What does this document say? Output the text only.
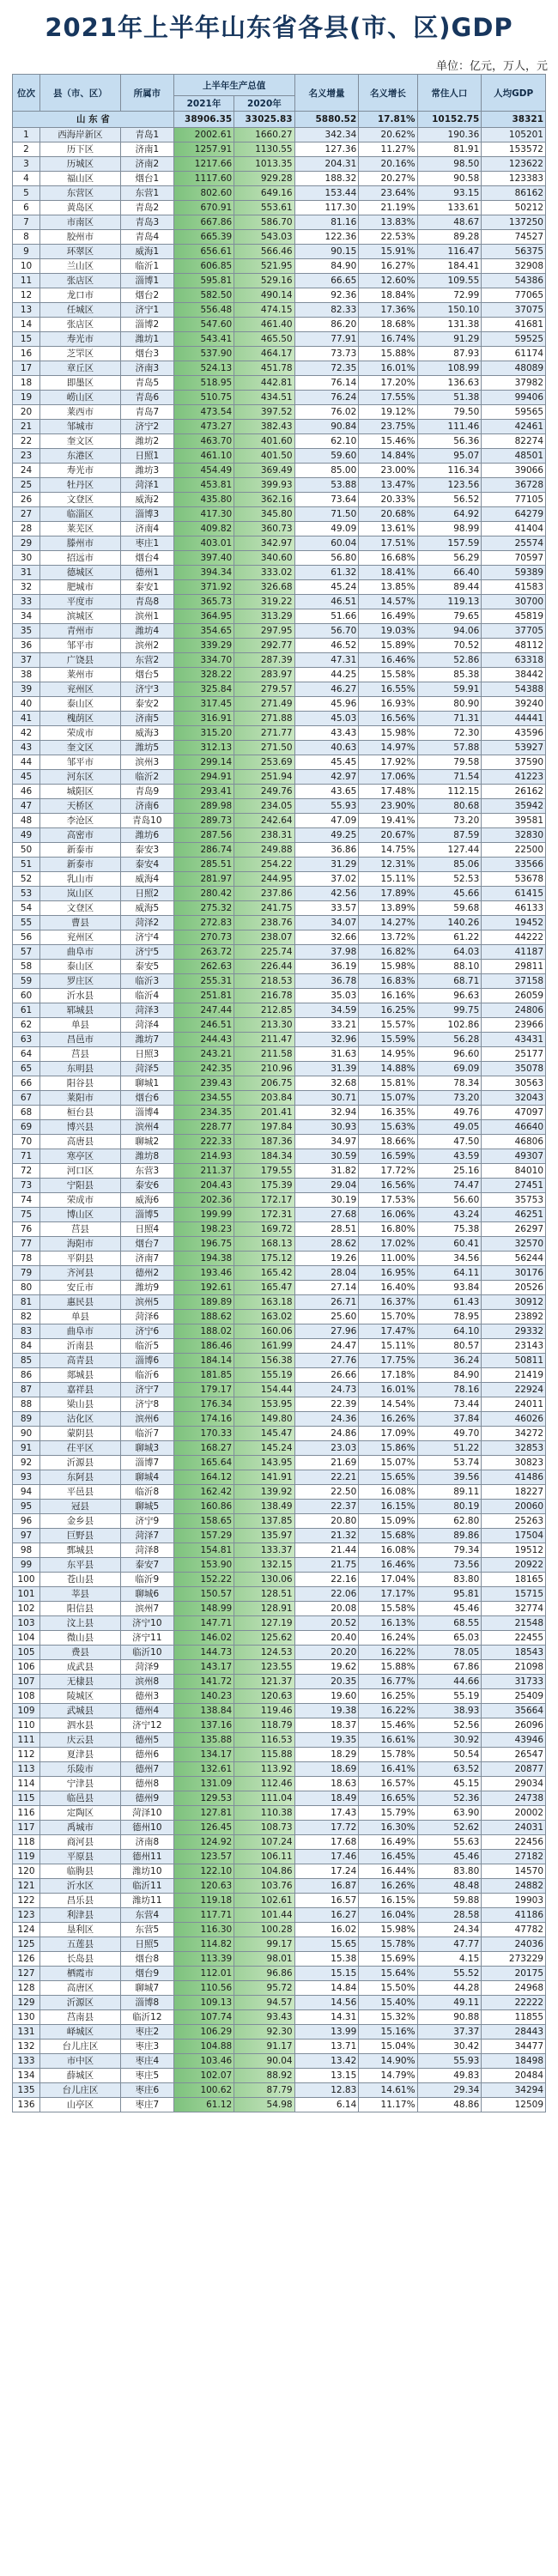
2021年上半年山东省各县(市、区)GDP
单位：亿元，万人，元
位次	县（市、区）	所属市	上半年生产总值		名义增量	名义增长	常住人口	人均GDP
			2021年	2020年				
山 东 省			38906.35	33025.83	5880.52	17.81%	10152.75	38321
1	西海岸新区	青岛1	2002.61	1660.27	342.34	20.62%	190.36	105201
2	历下区	济南1	1257.91	1130.55	127.36	11.27%	81.91	153572
3	历城区	济南2	1217.66	1013.35	204.31	20.16%	98.50	123622
4	福山区	烟台1	1117.60	929.28	188.32	20.27%	90.58	123383
5	东营区	东营1	802.60	649.16	153.44	23.64%	93.15	86162
6	黄岛区	青岛2	670.91	553.61	117.30	21.19%	133.61	50212
7	市南区	青岛3	667.86	586.70	81.16	13.83%	48.67	137250
8	胶州市	青岛4	665.39	543.03	122.36	22.53%	89.28	74527
9	环翠区	威海1	656.61	566.46	90.15	15.91%	116.47	56375
10	兰山区	临沂1	606.85	521.95	84.90	16.27%	184.41	32908
11	张店区	淄博1	595.81	529.16	66.65	12.60%	109.55	54386
12	龙口市	烟台2	582.50	490.14	92.36	18.84%	72.99	77065
13	任城区	济宁1	556.48	474.15	82.33	17.36%	150.10	37075
14	张店区	淄博2	547.60	461.40	86.20	18.68%	131.38	41681
15	寿光市	潍坊1	543.41	465.50	77.91	16.74%	91.29	59525
16	芝罘区	烟台3	537.90	464.17	73.73	15.88%	87.93	61174
17	章丘区	济南3	524.13	451.78	72.35	16.01%	108.99	48089
18	即墨区	青岛5	518.95	442.81	76.14	17.20%	136.63	37982
19	崂山区	青岛6	510.75	434.51	76.24	17.55%	51.38	99406
20	莱西市	青岛7	473.54	397.52	76.02	19.12%	79.50	59565
21	邹城市	济宁2	473.27	382.43	90.84	23.75%	111.46	42461
22	奎文区	潍坊2	463.70	401.60	62.10	15.46%	56.36	82274
23	东港区	日照1	461.10	401.50	59.60	14.84%	95.07	48501
24	寿光市	潍坊3	454.49	369.49	85.00	23.00%	116.34	39066
25	牡丹区	菏泽1	453.81	399.93	53.88	13.47%	123.56	36728
26	文登区	威海2	435.80	362.16	73.64	20.33%	56.52	77105
27	临淄区	淄博3	417.30	345.80	71.50	20.68%	64.92	64279
28	莱芜区	济南4	409.82	360.73	49.09	13.61%	98.99	41404
29	滕州市	枣庄1	403.01	342.97	60.04	17.51%	157.59	25574
30	招远市	烟台4	397.40	340.60	56.80	16.68%	56.29	70597
31	德城区	德州1	394.34	333.02	61.32	18.41%	66.40	59389
32	肥城市	泰安1	371.92	326.68	45.24	13.85%	89.44	41583
33	平度市	青岛8	365.73	319.22	46.51	14.57%	119.13	30700
34	滨城区	滨州1	364.95	313.29	51.66	16.49%	79.65	45819
35	青州市	潍坊4	354.65	297.95	56.70	19.03%	94.06	37705
36	邹平市	滨州2	339.29	292.77	46.52	15.89%	70.52	48112
37	广饶县	东营2	334.70	287.39	47.31	16.46%	52.86	63318
38	莱州市	烟台5	328.22	283.97	44.25	15.58%	85.38	38442
39	兖州区	济宁3	325.84	279.57	46.27	16.55%	59.91	54388
40	泰山区	泰安2	317.45	271.49	45.96	16.93%	80.90	39240
41	槐荫区	济南5	316.91	271.88	45.03	16.56%	71.31	44441
42	荣成市	威海3	315.20	271.77	43.43	15.98%	72.30	43596
43	奎文区	潍坊5	312.13	271.50	40.63	14.97%	57.88	53927
44	邹平市	滨州3	299.14	253.69	45.45	17.92%	79.58	37590
45	河东区	临沂2	294.91	251.94	42.97	17.06%	71.54	41223
46	城阳区	青岛9	293.41	249.76	43.65	17.48%	112.15	26162
47	天桥区	济南6	289.98	234.05	55.93	23.90%	80.68	35942
48	李沧区	青岛10	289.73	242.64	47.09	19.41%	73.20	39581
49	高密市	潍坊6	287.56	238.31	49.25	20.67%	87.59	32830
50	新泰市	泰安3	286.74	249.88	36.86	14.75%	127.44	22500
51	新泰市	泰安4	285.51	254.22	31.29	12.31%	85.06	33566
52	乳山市	威海4	281.97	244.95	37.02	15.11%	52.53	53678
53	岚山区	日照2	280.42	237.86	42.56	17.89%	45.66	61415
54	文登区	威海5	275.32	241.75	33.57	13.89%	59.68	46133
55	曹县	菏泽2	272.83	238.76	34.07	14.27%	140.26	19452
56	兖州区	济宁4	270.73	238.07	32.66	13.72%	61.22	44222
57	曲阜市	济宁5	263.72	225.74	37.98	16.82%	64.03	41187
58	泰山区	泰安5	262.63	226.44	36.19	15.98%	88.10	29811
59	罗庄区	临沂3	255.31	218.53	36.78	16.83%	68.71	37158
60	沂水县	临沂4	251.81	216.78	35.03	16.16%	96.63	26059
61	郓城县	菏泽3	247.44	212.85	34.59	16.25%	99.75	24806
62	单县	菏泽4	246.51	213.30	33.21	15.57%	102.86	23966
63	昌邑市	潍坊7	244.43	211.47	32.96	15.59%	56.28	43431
64	莒县	日照3	243.21	211.58	31.63	14.95%	96.60	25177
65	东明县	菏泽5	242.35	210.96	31.39	14.88%	69.09	35078
66	阳谷县	聊城1	239.43	206.75	32.68	15.81%	78.34	30563
67	莱阳市	烟台6	234.55	203.84	30.71	15.07%	73.20	32043
68	桓台县	淄博4	234.35	201.41	32.94	16.35%	49.76	47097
69	博兴县	滨州4	228.77	197.84	30.93	15.63%	49.05	46640
70	高唐县	聊城2	222.33	187.36	34.97	18.66%	47.50	46806
71	寒亭区	潍坊8	214.93	184.34	30.59	16.59%	43.59	49307
72	河口区	东营3	211.37	179.55	31.82	17.72%	25.16	84010
73	宁阳县	泰安6	204.43	175.39	29.04	16.56%	74.47	27451
74	荣成市	威海6	202.36	172.17	30.19	17.53%	56.60	35753
75	博山区	淄博5	199.99	172.31	27.68	16.06%	43.24	46251
76	莒县	日照4	198.23	169.72	28.51	16.80%	75.38	26297
77	海阳市	烟台7	196.75	168.13	28.62	17.02%	60.41	32570
78	平阴县	济南7	194.38	175.12	19.26	11.00%	34.56	56244
79	齐河县	德州2	193.46	165.42	28.04	16.95%	64.11	30176
80	安丘市	潍坊9	192.61	165.47	27.14	16.40%	93.84	20526
81	惠民县	滨州5	189.89	163.18	26.71	16.37%	61.43	30912
82	单县	菏泽6	188.62	163.02	25.60	15.70%	78.95	23892
83	曲阜市	济宁6	188.02	160.06	27.96	17.47%	64.10	29332
84	沂南县	临沂5	186.46	161.99	24.47	15.11%	80.57	23143
85	高青县	淄博6	184.14	156.38	27.76	17.75%	36.24	50811
86	郯城县	临沂6	181.85	155.19	26.66	17.18%	84.90	21419
87	嘉祥县	济宁7	179.17	154.44	24.73	16.01%	78.16	22924
88	梁山县	济宁8	176.34	153.95	22.39	14.54%	73.44	24011
89	沾化区	滨州6	174.16	149.80	24.36	16.26%	37.84	46026
90	蒙阴县	临沂7	170.33	145.47	24.86	17.09%	49.70	34272
91	茌平区	聊城3	168.27	145.24	23.03	15.86%	51.22	32853
92	沂源县	淄博7	165.64	143.95	21.69	15.07%	53.74	30823
93	东阿县	聊城4	164.12	141.91	22.21	15.65%	39.56	41486
94	平邑县	临沂8	162.42	139.92	22.50	16.08%	89.11	18227
95	冠县	聊城5	160.86	138.49	22.37	16.15%	80.19	20060
96	金乡县	济宁9	158.65	137.85	20.80	15.09%	62.80	25263
97	巨野县	菏泽7	157.29	135.97	21.32	15.68%	89.86	17504
98	鄄城县	菏泽8	154.81	133.37	21.44	16.08%	79.34	19512
99	东平县	泰安7	153.90	132.15	21.75	16.46%	73.56	20922
100	苍山县	临沂9	152.22	130.06	22.16	17.04%	83.80	18165
101	莘县	聊城6	150.57	128.51	22.06	17.17%	95.81	15715
102	阳信县	滨州7	148.99	128.91	20.08	15.58%	45.46	32774
103	汶上县	济宁10	147.71	127.19	20.52	16.13%	68.55	21548
104	微山县	济宁11	146.02	125.62	20.40	16.24%	65.03	22455
105	费县	临沂10	144.73	124.53	20.20	16.22%	78.05	18543
106	成武县	菏泽9	143.17	123.55	19.62	15.88%	67.86	21098
107	无棣县	滨州8	141.72	121.37	20.35	16.77%	44.66	31733
108	陵城区	德州3	140.23	120.63	19.60	16.25%	55.19	25409
109	武城县	德州4	138.84	119.46	19.38	16.22%	38.93	35664
110	泗水县	济宁12	137.16	118.79	18.37	15.46%	52.56	26096
111	庆云县	德州5	135.88	116.53	19.35	16.61%	30.92	43946
112	夏津县	德州6	134.17	115.88	18.29	15.78%	50.54	26547
113	乐陵市	德州7	132.61	113.92	18.69	16.41%	63.52	20877
114	宁津县	德州8	131.09	112.46	18.63	16.57%	45.15	29034
115	临邑县	德州9	129.53	111.04	18.49	16.65%	52.36	24738
116	定陶区	菏泽10	127.81	110.38	17.43	15.79%	63.90	20002
117	禹城市	德州10	126.45	108.73	17.72	16.30%	52.62	24031
118	商河县	济南8	124.92	107.24	17.68	16.49%	55.63	22456
119	平原县	德州11	123.57	106.11	17.46	16.45%	45.46	27182
120	临朐县	潍坊10	122.10	104.86	17.24	16.44%	83.80	14570
121	沂水区	临沂11	120.63	103.76	16.87	16.26%	48.48	24882
122	昌乐县	潍坊11	119.18	102.61	16.57	16.15%	59.88	19903
123	利津县	东营4	117.71	101.44	16.27	16.04%	28.58	41186
124	垦利区	东营5	116.30	100.28	16.02	15.98%	24.34	47782
125	五莲县	日照5	114.82	99.17	15.65	15.78%	47.77	24036
126	长岛县	烟台8	113.39	98.01	15.38	15.69%	4.15	273229
127	栖霞市	烟台9	112.01	96.86	15.15	15.64%	55.52	20175
128	高唐区	聊城7	110.56	95.72	14.84	15.50%	44.28	24968
129	沂源区	淄博8	109.13	94.57	14.56	15.40%	49.11	22222
130	莒南县	临沂12	107.74	93.43	14.31	15.32%	90.88	11855
131	峄城区	枣庄2	106.29	92.30	13.99	15.16%	37.37	28443
132	台儿庄区	枣庄3	104.88	91.17	13.71	15.04%	30.42	34477
133	市中区	枣庄4	103.46	90.04	13.42	14.90%	55.93	18498
134	薛城区	枣庄5	102.07	88.92	13.15	14.79%	49.83	20484
135	台儿庄区	枣庄6	100.62	87.79	12.83	14.61%	29.34	34294
136	山亭区	枣庄7	61.12	54.98	6.14	11.17%	48.86	12509
